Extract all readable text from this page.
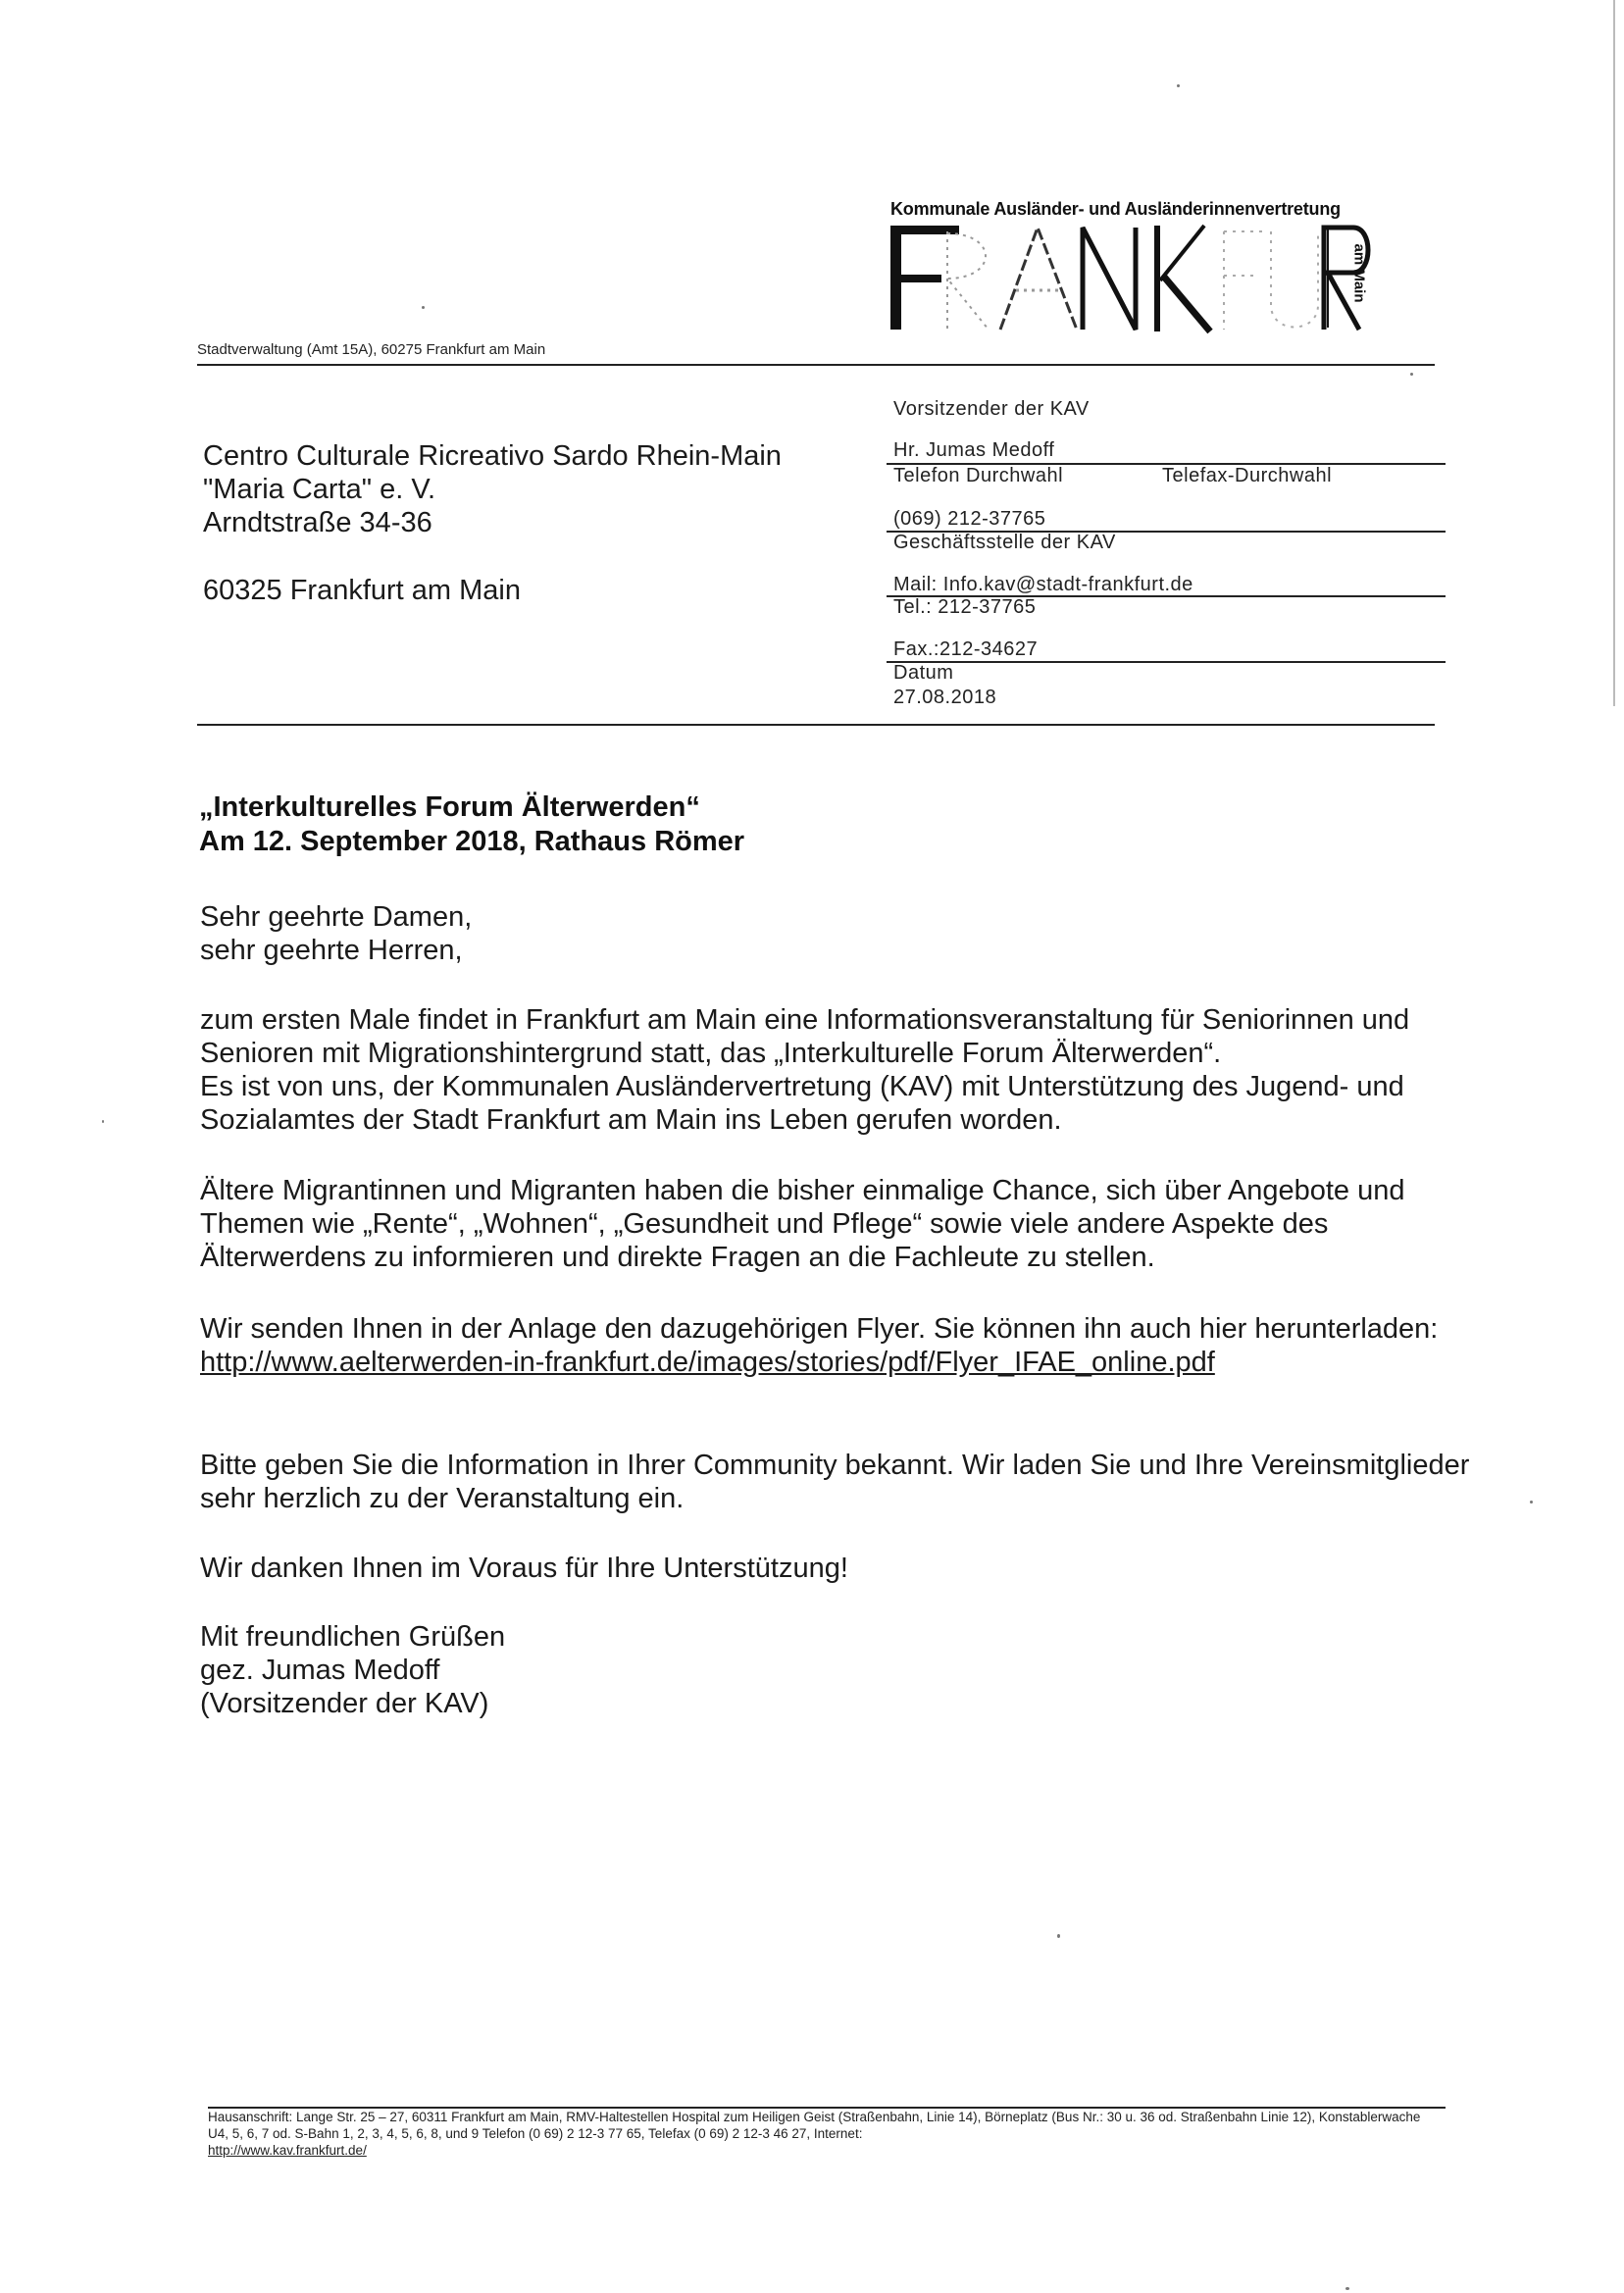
Kommunale Ausländer- und Ausländerinnenvertretung
FRANKFURT
am Main
Stadtverwaltung (Amt 15A), 60275 Frankfurt am Main
Centro Culturale Ricreativo Sardo Rhein-Main
"Maria Carta" e. V.
Arndtstraße 34-36
60325 Frankfurt am Main
Vorsitzender der KAV
Hr. Jumas Medoff
Telefon Durchwahl	Telefax-Durchwahl
(069) 212-37765
Geschäftsstelle der KAV
Mail: Info.kav@stadt-frankfurt.de
Tel.: 212-37765
Fax.:212-34627
Datum
27.08.2018
„Interkulturelles Forum Älterwerden“
Am 12. September 2018, Rathaus Römer

Sehr geehrte Damen,

sehr geehrte Herren,

zum ersten Male findet in Frankfurt am Main eine Informationsveranstaltung für Seniorinnen und Senioren mit Migrationshintergrund statt, das „Interkulturelle Forum Älterwerden“.

Es ist von uns, der Kommunalen Ausländervertretung (KAV) mit Unterstützung des Jugend- und Sozialamtes der Stadt Frankfurt am Main ins Leben gerufen worden.

Ältere Migrantinnen und Migranten haben die bisher einmalige Chance, sich über Angebote und Themen wie „Rente“, „Wohnen“, „Gesundheit und Pflege“ sowie viele andere Aspekte des Älterwerdens zu informieren und direkte Fragen an die Fachleute zu stellen.

Wir senden Ihnen in der Anlage den dazugehörigen Flyer. Sie können ihn auch hier herunterladen:

http://www.aelterwerden-in-frankfurt.de/images/stories/pdf/Flyer_IFAE_online.pdf

Bitte geben Sie die Information in Ihrer Community bekannt. Wir laden Sie und Ihre Vereinsmitglieder sehr herzlich zu der Veranstaltung ein.

Wir danken Ihnen im Voraus für Ihre Unterstützung!

Mit freundlichen Grüßen

gez. Jumas Medoff

(Vorsitzender der KAV)

Hausanschrift: Lange Str. 25 – 27, 60311 Frankfurt am Main, RMV-Haltestellen Hospital zum Heiligen Geist (Straßenbahn, Linie 14), Börneplatz (Bus Nr.: 30 u. 36 od. Straßenbahn Linie 12), Konstablerwache U4, 5, 6, 7 od. S-Bahn 1, 2, 3, 4, 5, 6, 8, und 9 Telefon (0 69) 2 12-3 77 65, Telefax (0 69) 2 12-3 46 27, Internet:
http://www.kav.frankfurt.de/
